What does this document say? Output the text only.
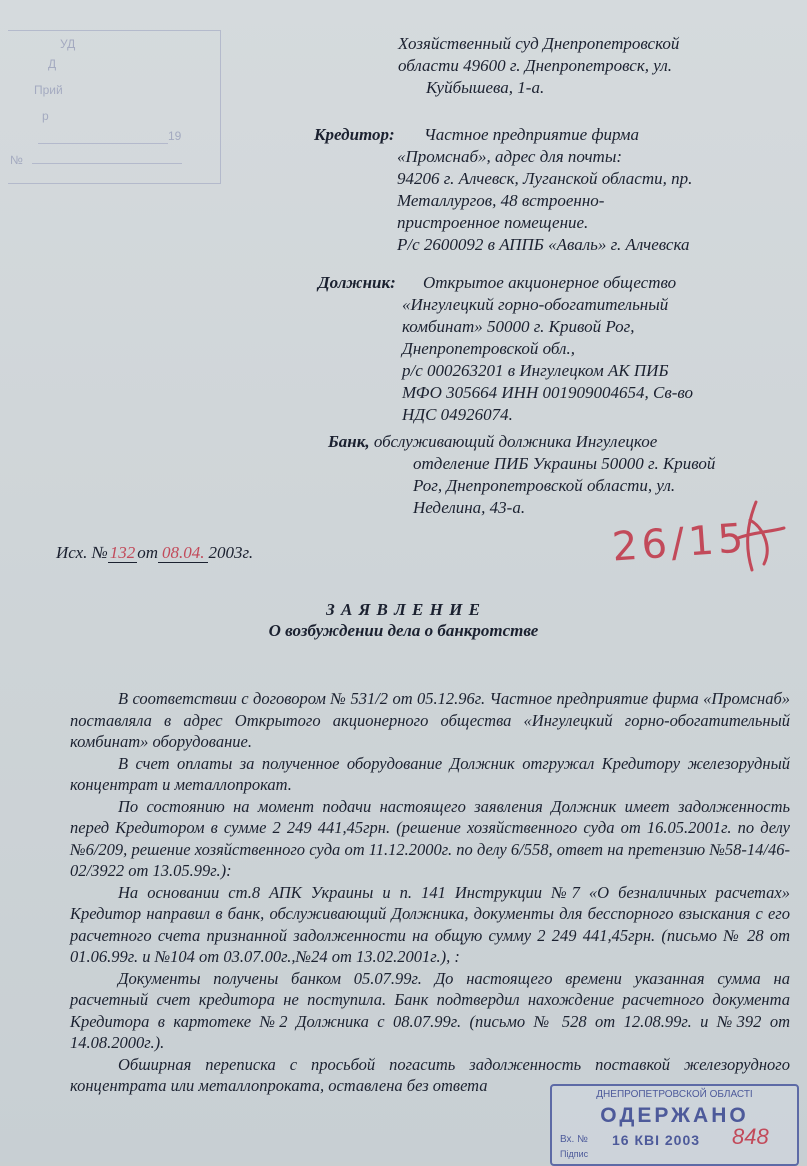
УД
Д
Прий
р
19
№
Хозяйственный суд Днепропетровской
области 49600 г. Днепропетровск, ул.
Куйбышева, 1-а.
Кредитор: Частное предприятие фирма
«Промснаб», адрес для почты:
94206 г. Алчевск, Луганской области, пр.
Металлургов, 48 встроенно-
пристроенное помещение.
Р/с 2600092 в АППБ «Аваль» г. Алчевска
Должник: Открытое акционерное общество
«Ингулецкий горно-обогатительный
комбинат» 50000 г. Кривой Рог,
Днепропетровской обл.,
р/с 000263201 в Ингулецком АК ПИБ
МФО 305664 ИНН 001909004654, Св-во
НДС 04926074.
Банк, обслуживающий должника Ингулецкое
отделение ПИБ Украины 50000 г. Кривой
Рог, Днепропетровской области, ул.
Неделина, 43-а.
Исх. № 132 от 08.04. 2003г.	26/15
З А Я В Л Е Н И Е
О возбуждении дела о банкротстве

В соответствии с договором № 531/2 от 05.12.96г. Частное предприятие фирма «Промснаб» поставляла в адрес Открытого акционерного общества «Ингулецкий горно-обогатительный комбинат» оборудование.

В счет оплаты за полученное оборудование Должник отгружал Кредитору железорудный концентрат и металлопрокат.

По состоянию на момент подачи настоящего заявления Должник имеет задолженность перед Кредитором в сумме 2 249 441,45грн. (решение хозяйственного суда от 16.05.2001г. по делу №6/209, решение хозяйственного суда от 11.12.2000г. по делу 6/558, ответ на претензию №58-14/46-02/3922 от 13.05.99г.):

На основании ст.8 АПК Украины и п. 141 Инструкции №7 «О безналичных расчетах» Кредитор направил в банк, обслуживающий Должника, документы для бесспорного взыскания с его расчетного счета признанной задолженности на общую сумму 2 249 441,45грн. (письмо № 28 от 01.06.99г. и №104 от 03.07.00г.,№24 от 13.02.2001г.), :

Документы получены банком 05.07.99г. До настоящего времени указанная сумма на расчетный счет кредитора не поступила. Банк подтвердил нахождение расчетного документа Кредитора в картотеке №2 Должника с 08.07.99г. (письмо № 528 от 12.08.99г. и №392 от 14.08.2000г.).

Обширная переписка с просьбой погасить задолженность поставкой железорудного концентрата или металлопроката, оставлена без ответа	ДНЕПРОПЕТРОВСКОЙ ОБЛАСТІ
ОДЕРЖАНО
Вх. № 16 КВІ 2003 848
Підпис
